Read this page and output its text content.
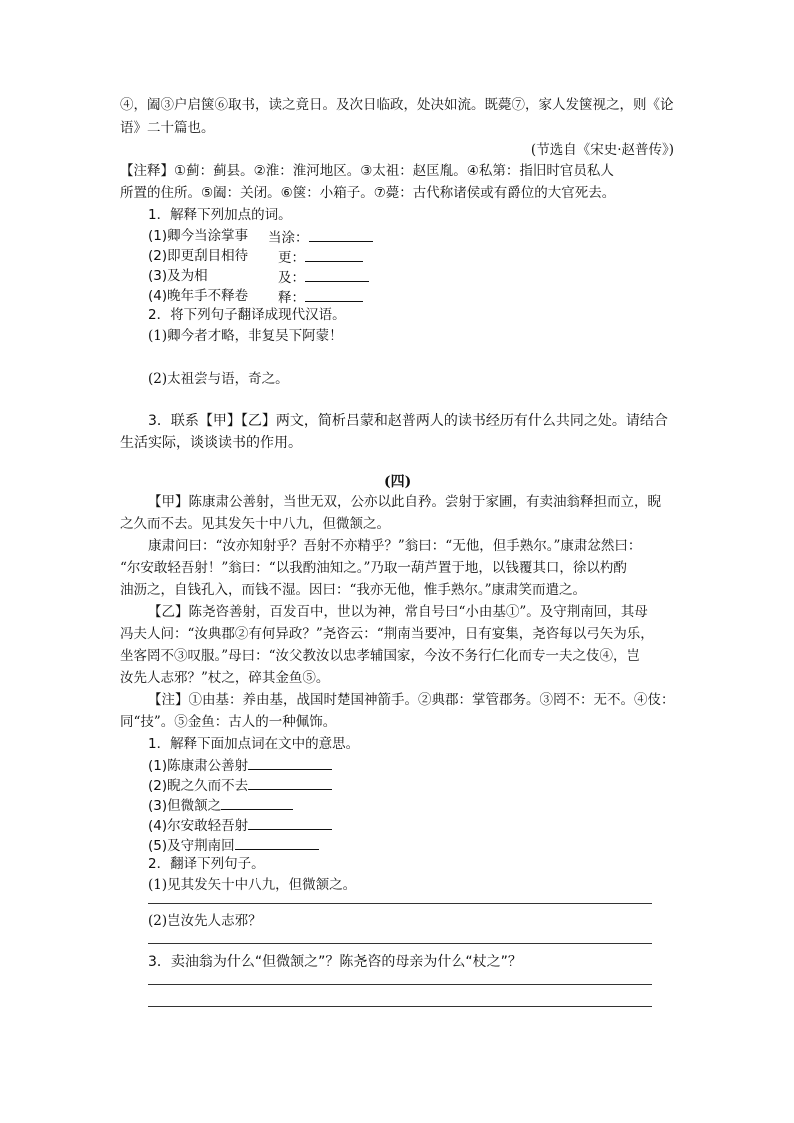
④，阖③户启箧⑥取书，读之竟日。及次日临政，处决如流。既薨⑦，家人发箧视之，则《论
语》二十篇也。
(节选自《宋史·赵普传》)
【注释】①蓟：蓟县。②淮：淮河地区。③太祖：赵匡胤。④私第：指旧时官员私人
所置的住所。⑤阖：关闭。⑥箧：小箱子。⑦薨：古代称诸侯或有爵位的大官死去。
1．解释下列加点的词。
(1)卿今当涂掌事 当涂：
(2)即更刮目相待 更：
(3)及为相	及：
(4)晚年手不释卷 释：
2．将下列句子翻译成现代汉语。
(1)卿今者才略，非复吴下阿蒙！
(2)太祖尝与语，奇之。
3．联系【甲】【乙】两文，简析吕蒙和赵普两人的读书经历有什么共同之处。请结合
生活实际，谈谈读书的作用。
(四)
【甲】陈康肃公善射，当世无双，公亦以此自矜。尝射于家圃，有卖油翁释担而立，睨
之久而不去。见其发矢十中八九，但微颔之。
康肃问曰：“汝亦知射乎？吾射不亦精乎？”翁曰：“无他，但手熟尔。”康肃忿然曰：
“尔安敢轻吾射！”翁曰：“以我酌油知之。”乃取一葫芦置于地，以钱覆其口，徐以杓酌
油沥之，自钱孔入，而钱不湿。因曰：“我亦无他，惟手熟尔。”康肃笑而遣之。
【乙】陈尧咨善射，百发百中，世以为神，常自号曰“小由基①”。及守荆南回，其母
冯夫人问：“汝典郡②有何异政？”尧咨云：“荆南当要冲，日有宴集，尧咨每以弓矢为乐，
坐客罔不③叹服。”母曰：“汝父教汝以忠孝辅国家，今汝不务行仁化而专一夫之伎④，岂
汝先人志邪？”杖之，碎其金鱼⑤。
【注】①由基：养由基，战国时楚国神箭手。②典郡：掌管郡务。③罔不：无不。④伎：
同“技”。⑤金鱼：古人的一种佩饰。
1．解释下面加点词在文中的意思。
(1)陈康肃公善射
(2)睨之久而不去
(3)但微颔之
(4)尔安敢轻吾射
(5)及守荆南回
2．翻译下列句子。
(1)见其发矢十中八九，但微颔之。
(2)岂汝先人志邪？
3．卖油翁为什么“但微颔之”？陈尧咨的母亲为什么“杖之”？
